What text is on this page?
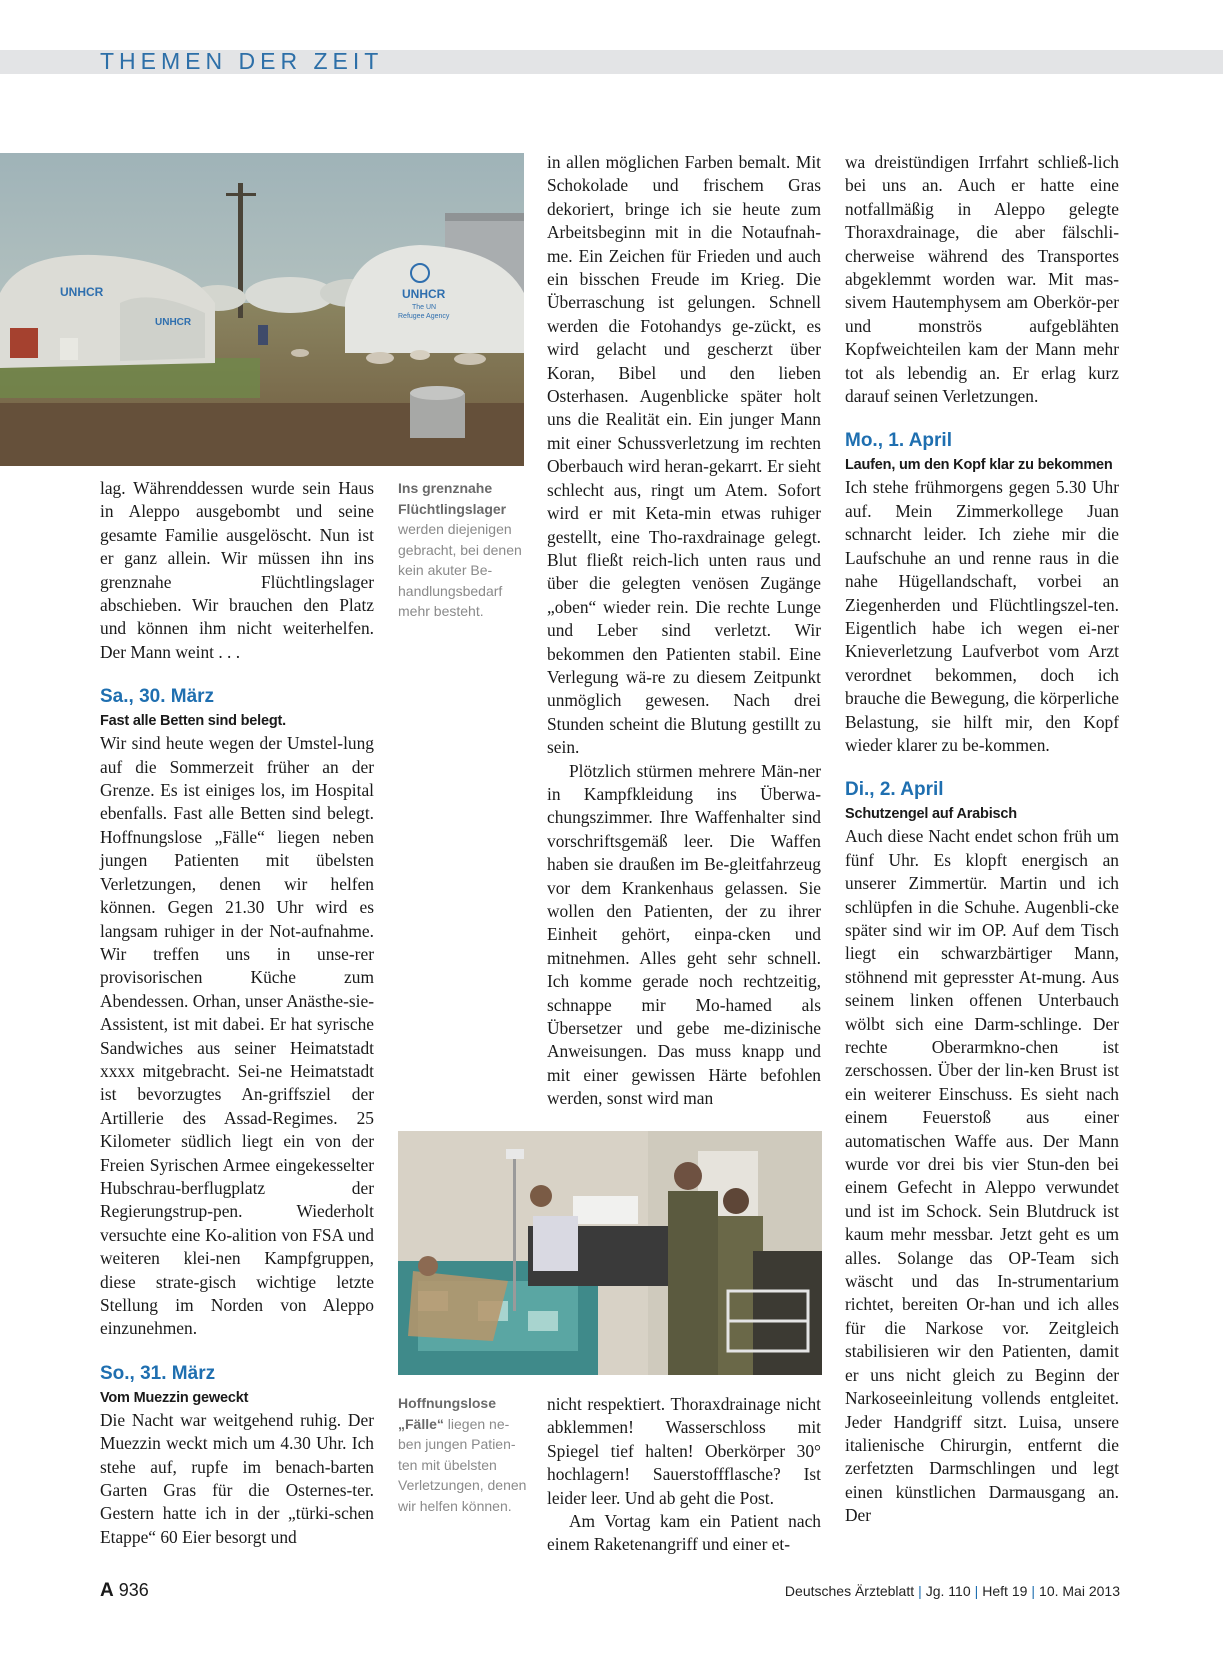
THEMEN DER ZEIT
UNHCR
UNHCR
UNHCR
The UN
Refugee Agency
Ins grenznahe Flüchtlingslager werden diejenigen gebracht, bei denen kein akuter Be-handlungsbedarf mehr besteht.
Hoffnungslose „Fälle“ liegen ne-ben jungen Patien-ten mit übelsten Verletzungen, denen wir helfen können.

lag. Währenddessen wurde sein Haus in Aleppo ausgebombt und seine gesamte Familie ausgelöscht. Nun ist er ganz allein. Wir müssen ihn ins grenznahe Flüchtlingslager abschieben. Wir brauchen den Platz und können ihm nicht weiterhelfen. Der Mann weint . . .

Sa., 30. März

Fast alle Betten sind belegt.

Wir sind heute wegen der Umstel-lung auf die Sommerzeit früher an der Grenze. Es ist einiges los, im Hospital ebenfalls. Fast alle Betten sind belegt. Hoffnungslose „Fälle“ liegen neben jungen Patienten mit übelsten Verletzungen, denen wir helfen können. Gegen 21.30 Uhr wird es langsam ruhiger in der Not-aufnahme. Wir treffen uns in unse-rer provisorischen Küche zum Abendessen. Orhan, unser Anästhe-sie-Assistent, ist mit dabei. Er hat syrische Sandwiches aus seiner Heimatstadt xxxx mitgebracht. Sei-ne Heimatstadt ist bevorzugtes An-griffsziel der Artillerie des Assad-Regimes. 25 Kilometer südlich liegt ein von der Freien Syrischen Armee eingekesselter Hubschrau-berflugplatz der Regierungstrup-pen. Wiederholt versuchte eine Ko-alition von FSA und weiteren klei-nen Kampfgruppen, diese strate-gisch wichtige letzte Stellung im Norden von Aleppo einzunehmen.

So., 31. März

Vom Muezzin geweckt

Die Nacht war weitgehend ruhig. Der Muezzin weckt mich um 4.30 Uhr. Ich stehe auf, rupfe im benach-barten Garten Gras für die Osternes-ter. Gestern hatte ich in der „türki-schen Etappe“ 60 Eier besorgt und

in allen möglichen Farben bemalt. Mit Schokolade und frischem Gras dekoriert, bringe ich sie heute zum Arbeitsbeginn mit in die Notaufnah-me. Ein Zeichen für Frieden und auch ein bisschen Freude im Krieg. Die Überraschung ist gelungen. Schnell werden die Fotohandys ge-zückt, es wird gelacht und gescherzt über Koran, Bibel und den lieben Osterhasen. Augenblicke später holt uns die Realität ein. Ein junger Mann mit einer Schussverletzung im rechten Oberbauch wird heran-gekarrt. Er sieht schlecht aus, ringt um Atem. Sofort wird er mit Keta-min etwas ruhiger gestellt, eine Tho-raxdrainage gelegt. Blut fließt reich-lich unten raus und über die gelegten venösen Zugänge „oben“ wieder rein. Die rechte Lunge und Leber sind verletzt. Wir bekommen den Patienten stabil. Eine Verlegung wä-re zu diesem Zeitpunkt unmöglich gewesen. Nach drei Stunden scheint die Blutung gestillt zu sein.

Plötzlich stürmen mehrere Män-ner in Kampfkleidung ins Überwa-chungszimmer. Ihre Waffenhalter sind vorschriftsgemäß leer. Die Waffen haben sie draußen im Be-gleitfahrzeug vor dem Krankenhaus gelassen. Sie wollen den Patienten, der zu ihrer Einheit gehört, einpa-cken und mitnehmen. Alles geht sehr schnell. Ich komme gerade noch rechtzeitig, schnappe mir Mo-hamed als Übersetzer und gebe me-dizinische Anweisungen. Das muss knapp und mit einer gewissen Härte befohlen werden, sonst wird man

nicht respektiert. Thoraxdrainage nicht abklemmen! Wasserschloss mit Spiegel tief halten! Oberkörper 30° hochlagern! Sauerstoffflasche? Ist leider leer. Und ab geht die Post.

Am Vortag kam ein Patient nach einem Raketenangriff und einer et-

wa dreistündigen Irrfahrt schließ-lich bei uns an. Auch er hatte eine notfallmäßig in Aleppo gelegte Thoraxdrainage, die aber fälschli-cherweise während des Transportes abgeklemmt worden war. Mit mas-sivem Hautemphysem am Oberkör-per und monströs aufgeblähten Kopfweichteilen kam der Mann mehr tot als lebendig an. Er erlag kurz darauf seinen Verletzungen.

Mo., 1. April

Laufen, um den Kopf klar zu bekommen

Ich stehe frühmorgens gegen 5.30 Uhr auf. Mein Zimmerkollege Juan schnarcht leider. Ich ziehe mir die Laufschuhe an und renne raus in die nahe Hügellandschaft, vorbei an Ziegenherden und Flüchtlingszel-ten. Eigentlich habe ich wegen ei-ner Knieverletzung Laufverbot vom Arzt verordnet bekommen, doch ich brauche die Bewegung, die körperliche Belastung, sie hilft mir, den Kopf wieder klarer zu be-kommen.

Di., 2. April

Schutzengel auf Arabisch

Auch diese Nacht endet schon früh um fünf Uhr. Es klopft energisch an unserer Zimmertür. Martin und ich schlüpfen in die Schuhe. Augenbli-cke später sind wir im OP. Auf dem Tisch liegt ein schwarzbärtiger Mann, stöhnend mit gepresster At-mung. Aus seinem linken offenen Unterbauch wölbt sich eine Darm-schlinge. Der rechte Oberarmkno-chen ist zerschossen. Über der lin-ken Brust ist ein weiterer Einschuss. Es sieht nach einem Feuerstoß aus einer automatischen Waffe aus. Der Mann wurde vor drei bis vier Stun-den bei einem Gefecht in Aleppo verwundet und ist im Schock. Sein Blutdruck ist kaum mehr messbar. Jetzt geht es um alles. Solange das OP-Team sich wäscht und das In-strumentarium richtet, bereiten Or-han und ich alles für die Narkose vor. Zeitgleich stabilisieren wir den Patienten, damit er uns nicht gleich zu Beginn der Narkoseeinleitung vollends entgleitet. Jeder Handgriff sitzt. Luisa, unsere italienische Chirurgin, entfernt die zerfetzten Darmschlingen und legt einen künstlichen Darmausgang an. Der

A 936	Deutsches Ärzteblatt | Jg. 110 | Heft 19 | 10. Mai 2013
